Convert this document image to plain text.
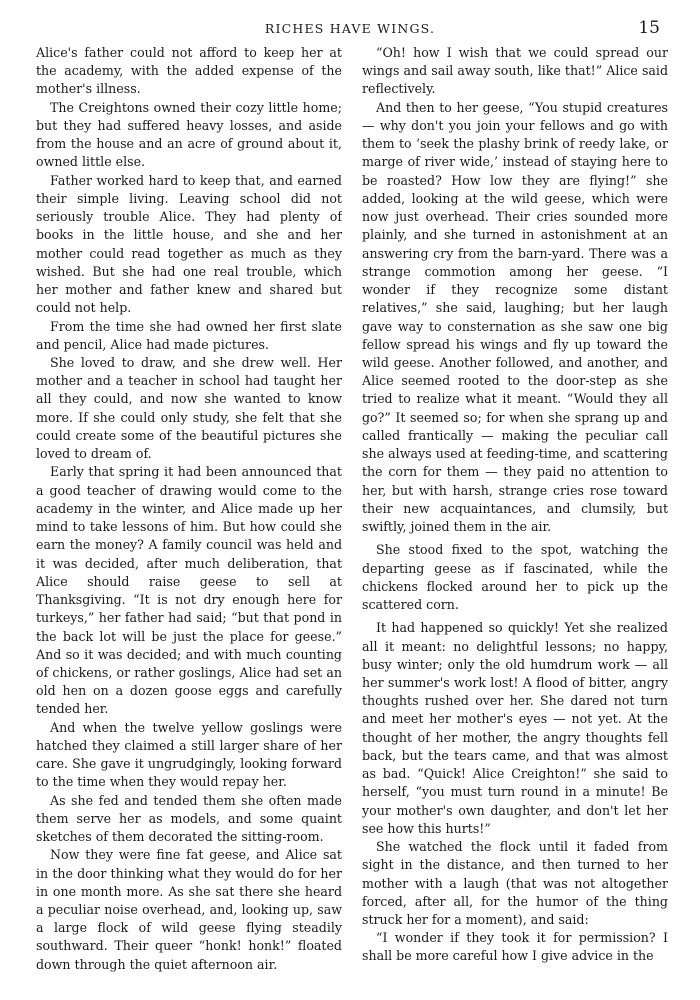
RICHES HAVE WINGS.	15

Alice's father could not afford to keep her at the academy, with the added expense of the mother's illness.

The Creightons owned their cozy little home; but they had suffered heavy losses, and aside from the house and an acre of ground about it, owned little else.

Father worked hard to keep that, and earned their simple living. Leaving school did not seriously trouble Alice. They had plenty of books in the little house, and she and her mother could read together as much as they wished. But she had one real trouble, which her mother and father knew and shared but could not help.

From the time she had owned her first slate and pencil, Alice had made pictures.

She loved to draw, and she drew well. Her mother and a teacher in school had taught her all they could, and now she wanted to know more. If she could only study, she felt that she could create some of the beautiful pictures she loved to dream of.

Early that spring it had been announced that a good teacher of drawing would come to the academy in the winter, and Alice made up her mind to take lessons of him. But how could she earn the money? A family council was held and it was decided, after much deliberation, that Alice should raise geese to sell at Thanksgiving. “It is not dry enough here for turkeys,” her father had said; “but that pond in the back lot will be just the place for geese.” And so it was decided; and with much counting of chickens, or rather goslings, Alice had set an old hen on a dozen goose eggs and carefully tended her.

And when the twelve yellow goslings were hatched they claimed a still larger share of her care. She gave it ungrudgingly, looking forward to the time when they would repay her.

As she fed and tended them she often made them serve her as models, and some quaint sketches of them decorated the sitting-room.

Now they were fine fat geese, and Alice sat in the door thinking what they would do for her in one month more. As she sat there she heard a peculiar noise overhead, and, looking up, saw a large flock of wild geese flying steadily southward. Their queer “honk! honk!” floated down through the quiet afternoon air.

“Oh! how I wish that we could spread our wings and sail away south, like that!” Alice said reflectively.

And then to her geese, “You stupid creatures — why don't you join your fellows and go with them to ‘seek the plashy brink of reedy lake, or marge of river wide,’ instead of staying here to be roasted? How low they are flying!” she added, looking at the wild geese, which were now just overhead. Their cries sounded more plainly, and she turned in astonishment at an answering cry from the barn-yard. There was a strange commotion among her geese. “I wonder if they recognize some distant relatives,” she said, laughing; but her laugh gave way to consternation as she saw one big fellow spread his wings and fly up toward the wild geese. Another followed, and another, and Alice seemed rooted to the door-step as she tried to realize what it meant. “Would they all go?” It seemed so; for when she sprang up and called frantically — making the peculiar call she always used at feeding-time, and scattering the corn for them — they paid no attention to her, but with harsh, strange cries rose toward their new acquaintances, and clumsily, but swiftly, joined them in the air.

She stood fixed to the spot, watching the departing geese as if fascinated, while the chickens flocked around her to pick up the scattered corn.

It had happened so quickly! Yet she realized all it meant: no delightful lessons; no happy, busy winter; only the old humdrum work — all her summer's work lost! A flood of bitter, angry thoughts rushed over her. She dared not turn and meet her mother's eyes — not yet. At the thought of her mother, the angry thoughts fell back, but the tears came, and that was almost as bad. “Quick! Alice Creighton!” she said to herself, “you must turn round in a minute! Be your mother's own daughter, and don't let her see how this hurts!”

She watched the flock until it faded from sight in the distance, and then turned to her mother with a laugh (that was not altogether forced, after all, for the humor of the thing struck her for a moment), and said:

“I wonder if they took it for permission? I shall be more careful how I give advice in the
